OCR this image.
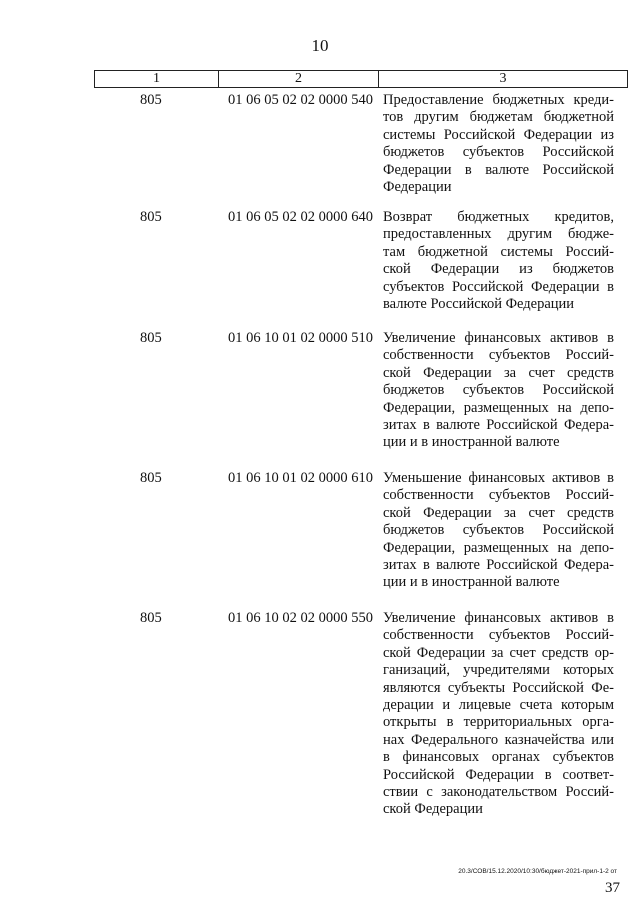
10
1	2	3
805	01 06 05 02 02 0000 540 Предоставление бюджетных креди-
тов другим бюджетам бюджетной
системы Российской Федерации из
бюджетов субъектов Российской
Федерации в валюте Российской
Федерации
805	01 06 05 02 02 0000 640 Возврат бюджетных кредитов,
предоставленных другим бюдже-
там бюджетной системы Россий-
ской Федерации из бюджетов
субъектов Российской Федерации в
валюте Российской Федерации
805	01 06 10 01 02 0000 510 Увеличение финансовых активов в
собственности субъектов Россий-
ской Федерации за счет средств
бюджетов субъектов Российской
Федерации, размещенных на депо-
зитах в валюте Российской Федера-
ции и в иностранной валюте
805	01 06 10 01 02 0000 610 Уменьшение финансовых активов в
собственности субъектов Россий-
ской Федерации за счет средств
бюджетов субъектов Российской
Федерации, размещенных на депо-
зитах в валюте Российской Федера-
ции и в иностранной валюте
805	01 06 10 02 02 0000 550 Увеличение финансовых активов в
собственности субъектов Россий-
ской Федерации за счет средств ор-
ганизаций, учредителями которых
являются субъекты Российской Фе-
дерации и лицевые счета которым
открыты в территориальных орга-
нах Федерального казначейства или
в финансовых органах субъектов
Российской Федерации в соответ-
ствии с законодательством Россий-
ской Федерации
20.3/СОВ/15.12.2020/10:30/бюджет-2021-прил-1-2 от
37
